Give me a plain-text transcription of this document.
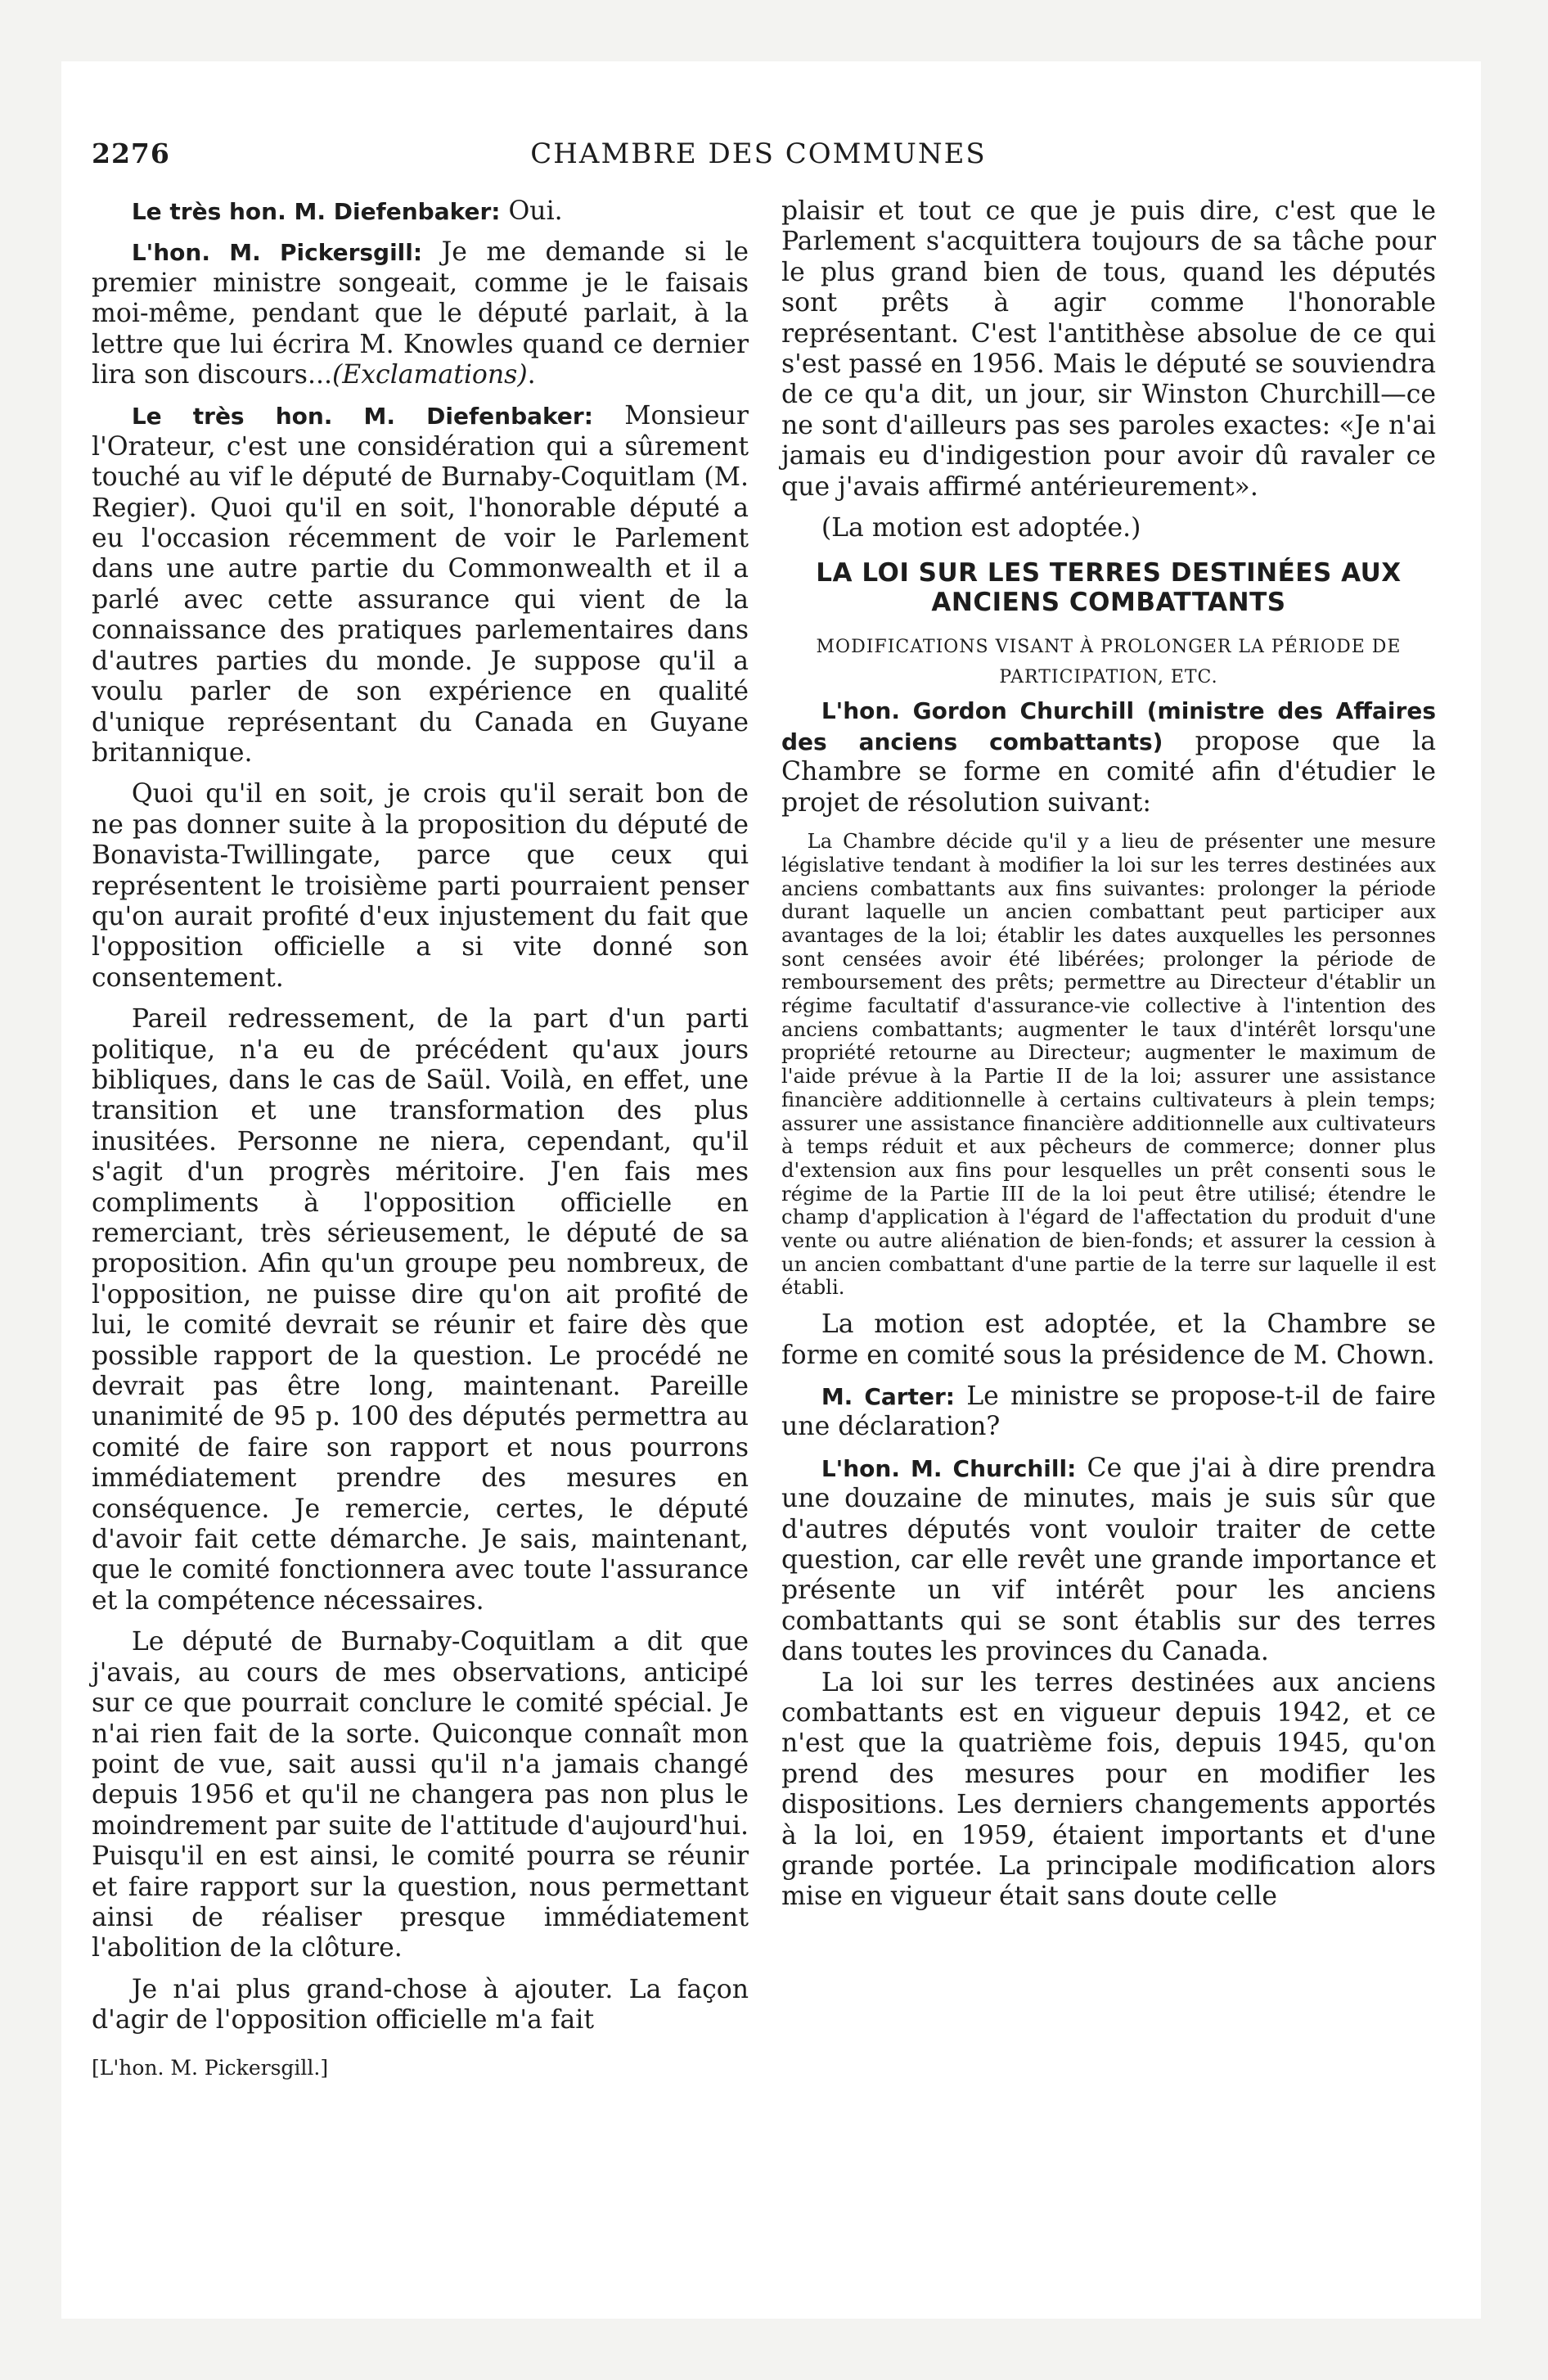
2276	CHAMBRE DES COMMUNES

Le très hon. M. Diefenbaker: Oui.

L'hon. M. Pickersgill: Je me demande si le premier ministre songeait, comme je le faisais moi-même, pendant que le député parlait, à la lettre que lui écrira M. Knowles quand ce dernier lira son discours...(Exclamations).

Le très hon. M. Diefenbaker: Monsieur l'Orateur, c'est une considération qui a sûrement touché au vif le député de Burnaby-Coquitlam (M. Regier). Quoi qu'il en soit, l'honorable député a eu l'occasion récemment de voir le Parlement dans une autre partie du Commonwealth et il a parlé avec cette assurance qui vient de la connaissance des pratiques parlementaires dans d'autres parties du monde. Je suppose qu'il a voulu parler de son expérience en qualité d'unique représentant du Canada en Guyane britannique.

Quoi qu'il en soit, je crois qu'il serait bon de ne pas donner suite à la proposition du député de Bonavista-Twillingate, parce que ceux qui représentent le troisième parti pourraient penser qu'on aurait profité d'eux injustement du fait que l'opposition officielle a si vite donné son consentement.

Pareil redressement, de la part d'un parti politique, n'a eu de précédent qu'aux jours bibliques, dans le cas de Saül. Voilà, en effet, une transition et une transformation des plus inusitées. Personne ne niera, cependant, qu'il s'agit d'un progrès méritoire. J'en fais mes compliments à l'opposition officielle en remerciant, très sérieusement, le député de sa proposition. Afin qu'un groupe peu nombreux, de l'opposition, ne puisse dire qu'on ait profité de lui, le comité devrait se réunir et faire dès que possible rapport de la question. Le procédé ne devrait pas être long, maintenant. Pareille unanimité de 95 p. 100 des députés permettra au comité de faire son rapport et nous pourrons immédiatement prendre des mesures en conséquence. Je remercie, certes, le député d'avoir fait cette démarche. Je sais, maintenant, que le comité fonctionnera avec toute l'assurance et la compétence nécessaires.

Le député de Burnaby-Coquitlam a dit que j'avais, au cours de mes observations, anticipé sur ce que pourrait conclure le comité spécial. Je n'ai rien fait de la sorte. Quiconque connaît mon point de vue, sait aussi qu'il n'a jamais changé depuis 1956 et qu'il ne changera pas non plus le moindrement par suite de l'attitude d'aujourd'hui. Puisqu'il en est ainsi, le comité pourra se réunir et faire rapport sur la question, nous permettant ainsi de réaliser presque immédiatement l'abolition de la clôture.

Je n'ai plus grand-chose à ajouter. La façon d'agir de l'opposition officielle m'a fait

[L'hon. M. Pickersgill.]

plaisir et tout ce que je puis dire, c'est que le Parlement s'acquittera toujours de sa tâche pour le plus grand bien de tous, quand les députés sont prêts à agir comme l'honorable représentant. C'est l'antithèse absolue de ce qui s'est passé en 1956. Mais le député se souviendra de ce qu'a dit, un jour, sir Winston Churchill—ce ne sont d'ailleurs pas ses paroles exactes: «Je n'ai jamais eu d'indigestion pour avoir dû ravaler ce que j'avais affirmé antérieurement».

(La motion est adoptée.)

LA LOI SUR LES TERRES DESTINÉES AUX ANCIENS COMBATTANTS

MODIFICATIONS VISANT À PROLONGER LA PÉRIODE DE PARTICIPATION, ETC.

L'hon. Gordon Churchill (ministre des Affaires des anciens combattants) propose que la Chambre se forme en comité afin d'étudier le projet de résolution suivant:

La Chambre décide qu'il y a lieu de présenter une mesure législative tendant à modifier la loi sur les terres destinées aux anciens combattants aux fins suivantes: prolonger la période durant laquelle un ancien combattant peut participer aux avantages de la loi; établir les dates auxquelles les personnes sont censées avoir été libérées; prolonger la période de remboursement des prêts; permettre au Directeur d'établir un régime facultatif d'assurance-vie collective à l'intention des anciens combattants; augmenter le taux d'intérêt lorsqu'une propriété retourne au Directeur; augmenter le maximum de l'aide prévue à la Partie II de la loi; assurer une assistance financière additionnelle à certains cultivateurs à plein temps; assurer une assistance financière additionnelle aux cultivateurs à temps réduit et aux pêcheurs de commerce; donner plus d'extension aux fins pour lesquelles un prêt consenti sous le régime de la Partie III de la loi peut être utilisé; étendre le champ d'application à l'égard de l'affectation du produit d'une vente ou autre aliénation de bien-fonds; et assurer la cession à un ancien combattant d'une partie de la terre sur laquelle il est établi.

La motion est adoptée, et la Chambre se forme en comité sous la présidence de M. Chown.

M. Carter: Le ministre se propose-t-il de faire une déclaration?

L'hon. M. Churchill: Ce que j'ai à dire prendra une douzaine de minutes, mais je suis sûr que d'autres députés vont vouloir traiter de cette question, car elle revêt une grande importance et présente un vif intérêt pour les anciens combattants qui se sont établis sur des terres dans toutes les provinces du Canada.

La loi sur les terres destinées aux anciens combattants est en vigueur depuis 1942, et ce n'est que la quatrième fois, depuis 1945, qu'on prend des mesures pour en modifier les dispositions. Les derniers changements apportés à la loi, en 1959, étaient importants et d'une grande portée. La principale modification alors mise en vigueur était sans doute celle
